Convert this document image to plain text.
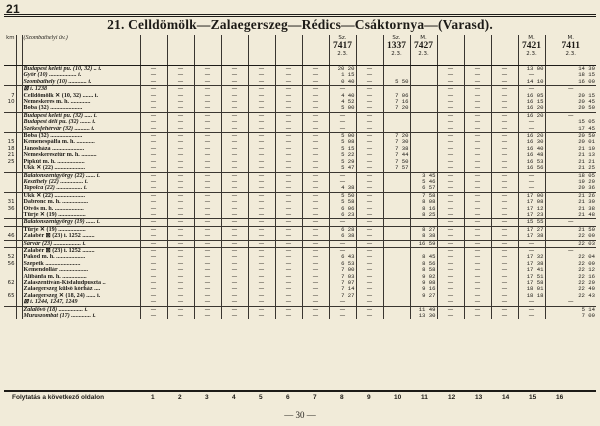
21
21. Celldömölk—Zalaegerszeg—Rédics—Csáktornya—(Varasd).
km		(Szombathelyi üv.)								Sz.
7417
2.3.		Sz.
1337
2.3.	M.
7427
2.3.				M.
7421
2.3.	M.
7411
2.3.

		Budapest keleti pu. (10, 32) .. i.	—	—	—	—	—	—	—	20 20	—			—	—	—	13 00	14 30
		Győr (10) .................. i.	—	—	—	—	—	—	—	1 15	—			—	—	—	—	18 15
		Szombathely (10) ............ i.	—	—	—	—	—	—	—	0 40	—	5 50		—	—	—	14 10	16 00
		⊠ i. 1238	—	—	—	—	—	—	—	—	—			—	—	—	—	—
7		Celldömölk ✕ (10, 32) ....... i.	—	—	—	—	—	—	—	4 40	—	7 06		—	—	—	16 05	20 15
10		Nemeskeres m. h. .............	—	—	—	—	—	—	—	4 52	—	7 16		—	—	—	16 15	20 45
		Boba (32) .....................	—	—	—	—	—	—	—	5 00	—	7 20		—	—	—	16 20	20 50
		Budapest keleti pu. (32) ..... i.	—	—	—	—	—	—	—	—	—			—	—	—	16 20	—
		Budapest déli pu. (32) ....... i.	—	—	—	—	—	—	—	—	—			—	—	—	—	15 05
		Székesfehérvár (32) .......... i.	—	—	—	—	—	—	—	—	—			—	—	—	—	17 45
		Boba (32) .....................	—	—	—	—	—	—	—	5 00	—	7 20		—	—	—	16 20	20 50
15		Kemenespálfa m. h. ............	—	—	—	—	—	—	—	5 08	—	7 30		—	—	—	16 30	20 01
18		Jánosháza .....................	—	—	—	—	—	—	—	5 15	—	7 38		—	—	—	16 40	21 10
21		Nemeskeresztúr m. h. ..........	—	—	—	—	—	—	—	5 22	—	7 44		—	—	—	16 48	21 13
25		Pipkút m. h. ..................	—	—	—	—	—	—	—	5 29	—	7 50		—	—	—	16 53	21 21
		Ukk ✕ (22) ....................	—	—	—	—	—	—	—	5 47	—	7 57		—	—	—	16 56	21 25
		Balatonszentgyörgy (22) ...... i.	—	—	—	—	—	—	—	—	—		3 45	—	—	—	—	18 05
		Keszthely (22) ............... i.	—	—	—	—	—	—	—	—	—		5 46	—	—	—	—	19 20
		Tapolca (22) ................. i.	—	—	—	—	—	—	—	4 38	—		6 57	—	—	—	—	20 36
		Ukk ✕ (22) ....................	—	—	—	—	—	—	—	5 50	—		7 58	—	—	—	17 00	21 26
31		Dabronc m. h. .................	—	—	—	—	—	—	—	5 58	—		8 08	—	—	—	17 08	21 30
36		Ötvös m. h. ...................	—	—	—	—	—	—	—	6 06	—		8 16	—	—	—	17 12	21 38
		Türje ✕ (19) ..................	—	—	—	—	—	—	—	6 23	—		8 25	—	—	—	17 23	21 48
		Balatonszentgyörgy (19) ...... i.	—	—	—	—	—	—	—	—	—			—	—	—	15 55	—
		Türje ✕ (19) ..................	—	—	—	—	—	—	—	6 28	—		8 27	—	—	—	17 27	21 50
46		Zalabér ⊠ (23) i. 1252 ........	—	—	—	—	—	—	—	6 38	—		8 38	—	—	—	17 38	22 00
		Sárvár (23) .................. i.	—	—	—	—	—	—	—	—	—		16 59	—	—	—	—	22 03
		Zalabér ⊠ (23) i. 1252 ........	—	—	—	—	—	—	—	—	—			—	—	—	—	—
52		Pakod m. h. ...................	—	—	—	—	—	—	—	6 43	—		8 45	—	—	—	17 32	22 04
56		Szepetk .......................	—	—	—	—	—	—	—	6 53	—		8 56	—	—	—	17 38	22 09
		Kemendollár ...................	—	—	—	—	—	—	—	7 00	—		8 58	—	—	—	17 41	22 12
		Alibánfa m. h. ................	—	—	—	—	—	—	—	7 03	—		9 02	—	—	—	17 51	22 16
62		Zalaszentiván-Kisfaludpuszta ..	—	—	—	—	—	—	—	7 07	—		9 08	—	—	—	17 58	22 29
		Zalaegerszeg külső kórház ....	—	—	—	—	—	—	—	7 14	—		9 16	—	—	—	18 01	22 40
65		Zalaegerszeg ✕ (18, 24) ...... i.	—	—	—	—	—	—	—	7 27	—		9 27	—	—	—	18 18	22 43
		⊠ i. 1244, 1247, 1249	—	—	—	—	—	—	—	—	—			—	—	—	—	—
		Zalalövő (18) ................ i.	—	—	—	—	—	—	—	—	—		11 49	—	—	—	—	5 14
		Muraszombat (17) ............. i.	—	—	—	—	—	—	—	—	—		13 30	—	—	—	—	7 09
Folytatás a következő oldalon	1	2	3	4	5	6	7	8	9	10	11	12	13	14	15	16
— 30 —
